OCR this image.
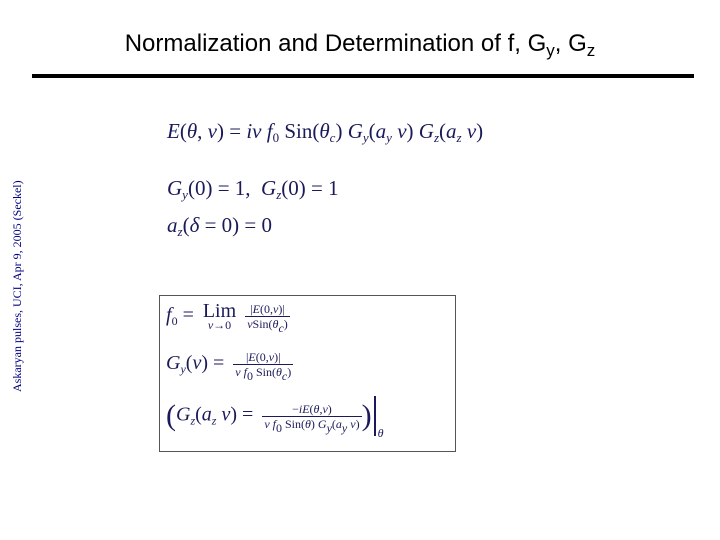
Normalization and Determination of f, $G_y$, $G_z$
Askaryan pulses, UCI, Apr 9, 2005 (Seckel)
E(θ, ν) = iν $f_0$ $Sin(\theta_c)$ $G_y(a_y$ ν) $G_z(a_z$ ν)
$G_y(0) = 1$,  $G_z(0) = 1$
$a_z(\delta = 0) = 0$
$f_0$ = Lim
ν→0
	$\frac{|E(0,\nu)|}{\nu Sin(\theta_c)}$
$G_y(\nu) = \frac{|E(0,\nu)|}{\nu f_0 Sin(\theta_c)}$
($G_z(a_z$ $\nu) = \frac{-iE(\theta,\nu)}{\nu f_0 Sin(\theta) G_y(a_y \nu)} )_\theta$
